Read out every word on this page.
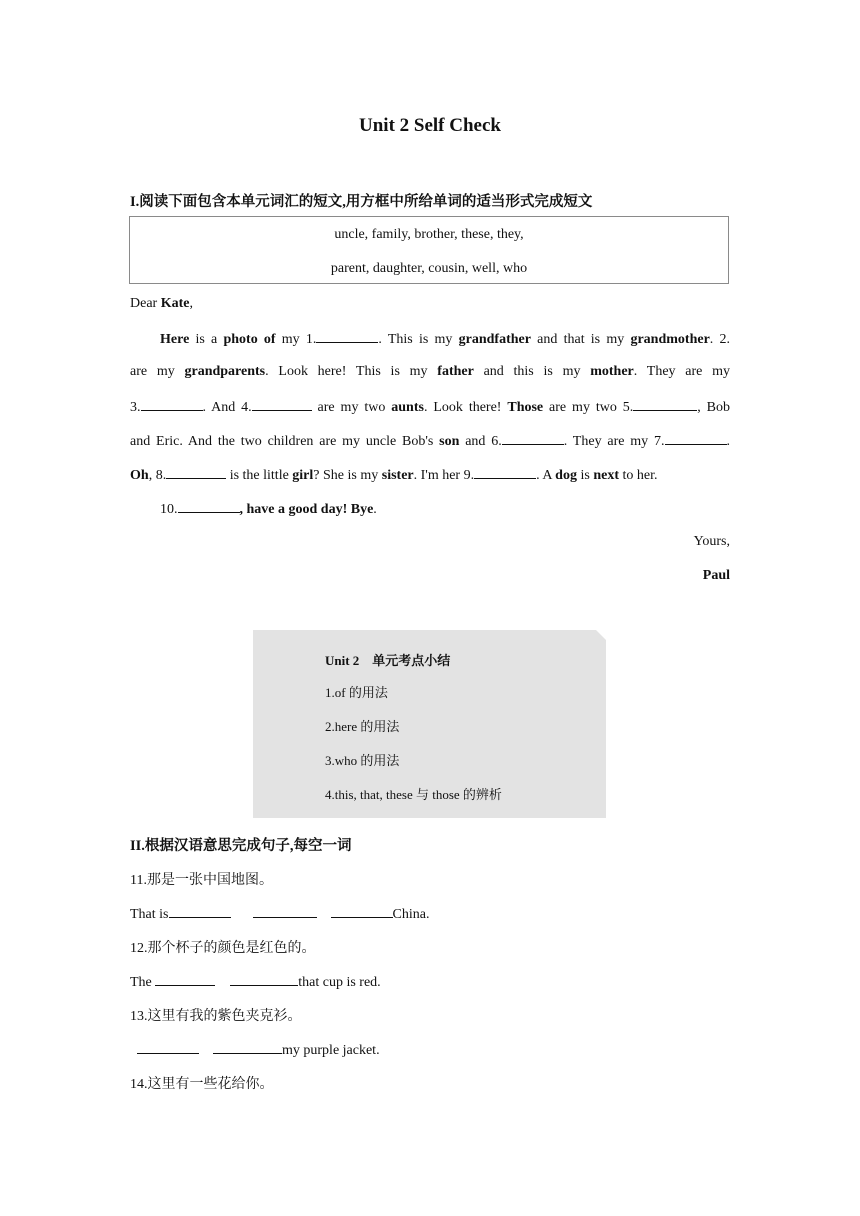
Unit 2 Self Check
I.阅读下面包含本单元词汇的短文,用方框中所给单词的适当形式完成短文
uncle, family, brother, these, they,
parent, daughter, cousin, well, who
Dear Kate,
Here is a photo of my 1.	. This is my grandfather and that is my grandmother. 2.
are my grandparents. Look here! This is my father and this is my mother. They are my
3.	. And 4.	are my two aunts. Look there! Those are my two 5.	, Bob
and Eric. And the two children are my uncle Bob's son and 6.	. They are my 7.	.
Oh, 8.	is the little girl? She is my sister. I'm her 9.	. A dog is next to her.
10.	, have a good day! Bye.
Yours,
Paul
Unit 2　单元考点小结
1.of 的用法
2.here 的用法
3.who 的用法
4.this, that, these 与 those 的辨析
II.根据汉语意思完成句子,每空一词
11.那是一张中国地图。
That is	China.
12.那个杯子的颜色是红色的。
The	that cup is red.
13.这里有我的紫色夹克衫。
my purple jacket.
14.这里有一些花给你。
